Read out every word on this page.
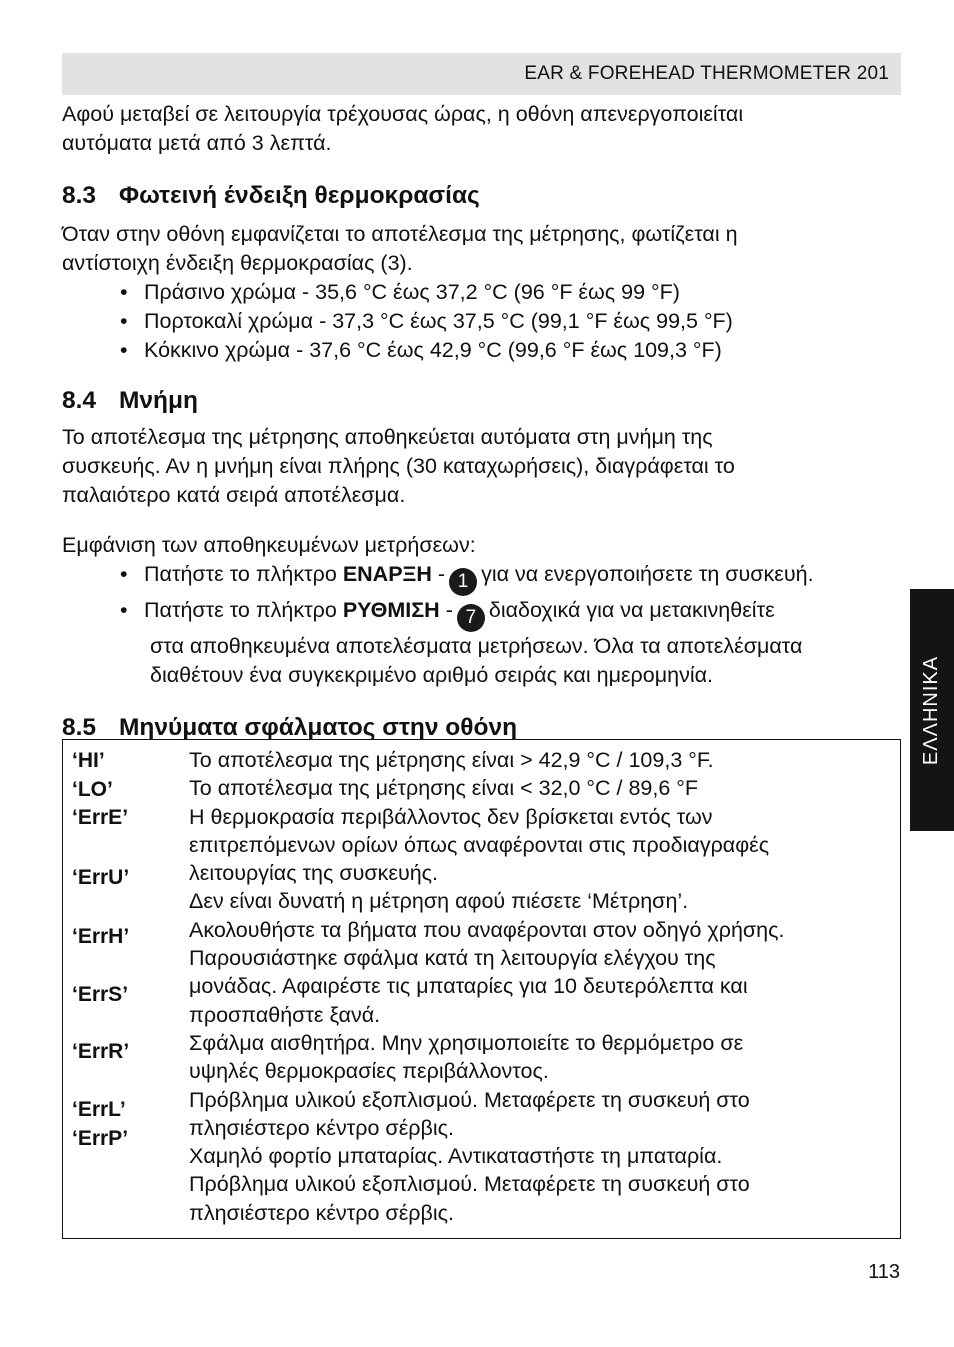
EAR & FOREHEAD THERMOMETER 201

Αφού μεταβεί σε λειτουργία τρέχουσας ώρας, η οθόνη απενεργοποιείται

αυτόματα μετά από 3 λεπτά.

8.3 Φωτεινή ένδειξη θερμοκρασίας

Όταν στην οθόνη εμφανίζεται το αποτέλεσμα της μέτρησης, φωτίζεται η

αντίστοιχη ένδειξη θερμοκρασίας (3).

• Πράσινο χρώμα - 35,6 °C έως 37,2 °C (96 °F έως 99 °F)
• Πορτοκαλί χρώμα - 37,3 °C έως 37,5 °C (99,1 °F έως 99,5 °F)
• Κόκκινο χρώμα - 37,6 °C έως 42,9 °C (99,6 °F έως 109,3 °F)
8.4 Μνήμη

Το αποτέλεσμα της μέτρησης αποθηκεύεται αυτόματα στη μνήμη της

συσκευής. Αν η μνήμη είναι πλήρης (30 καταχωρήσεις), διαγράφεται το

παλαιότερο κατά σειρά αποτέλεσμα.

Εμφάνιση των αποθηκευμένων μετρήσεων:

• Πατήστε το πλήκτρο ΕΝΑΡΞΗ - 1 για να ενεργοποιήσετε τη συσκευή.
• Πατήστε το πλήκτρο ΡΥΘΜΙΣΗ - 7 διαδοχικά για να μετακινηθείτε
στα αποθηκευμένα αποτελέσματα μετρήσεων. Όλα τα αποτελέσματα
διαθέτουν ένα συγκεκριμένο αριθμό σειράς και ημερομηνία.
8.5 Μηνύματα σφάλματος στην οθόνη
‘HI’
‘LO’
‘ErrE’
‘ErrU’
‘ErrH’
‘ErrS’
‘ErrR’
‘ErrL’
‘ErrP’
Το αποτέλεσμα της μέτρησης είναι > 42,9 °C / 109,3 °F.
Το αποτέλεσμα της μέτρησης είναι < 32,0 °C / 89,6 °F
Η θερμοκρασία περιβάλλοντος δεν βρίσκεται εντός των
επιτρεπόμενων ορίων όπως αναφέρονται στις προδιαγραφές
λειτουργίας της συσκευής.
Δεν είναι δυνατή η μέτρηση αφού πιέσετε ‘Μέτρηση’.
Ακολουθήστε τα βήματα που αναφέρονται στον οδηγό χρήσης.
Παρουσιάστηκε σφάλμα κατά τη λειτουργία ελέγχου της
μονάδας. Αφαιρέστε τις μπαταρίες για 10 δευτερόλεπτα και
προσπαθήστε ξανά.
Σφάλμα αισθητήρα. Μην χρησιμοποιείτε το θερμόμετρο σε
υψηλές θερμοκρασίες περιβάλλοντος.
Πρόβλημα υλικού εξοπλισμού. Μεταφέρετε τη συσκευή στο
πλησιέστερο κέντρο σέρβις.
Χαμηλό φορτίο μπαταρίας. Αντικαταστήστε τη μπαταρία.
Πρόβλημα υλικού εξοπλισμού. Μεταφέρετε τη συσκευή στο
πλησιέστερο κέντρο σέρβις.
ΕΛΛΗΝΙΚΑ
113
